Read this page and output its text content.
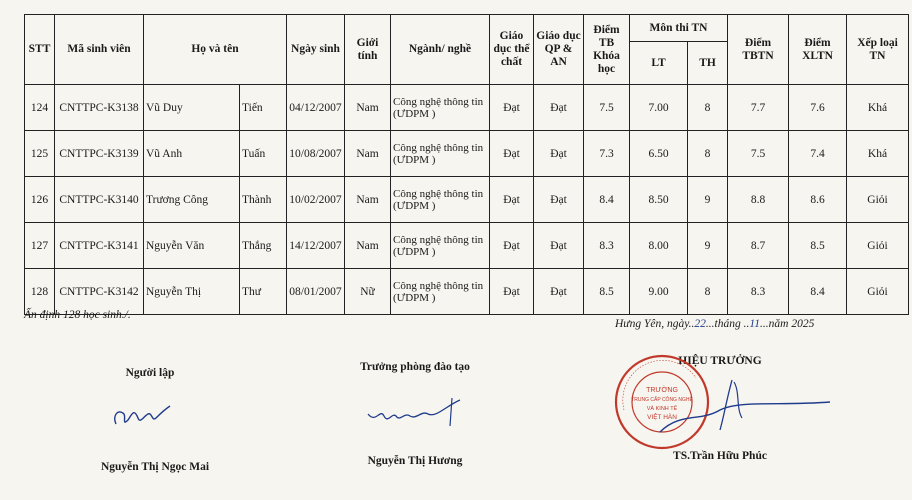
STT	Mã sinh viên	Họ và tên		Ngày sinh	Giới tính	Ngành/ nghề	Giáo dục thể chất	Giáo dục QP & AN	Điểm TB Khóa học	Môn thi TN		Điểm TBTN	Điểm XLTN	Xếp loại TN
										LT	TH			
124	CNTTPC-K3138	Vũ Duy	Tiến	04/12/2007	Nam	Công nghệ thông tin
(ƯDPM )	Đạt	Đạt	7.5	7.00	8	7.7	7.6	Khá
125	CNTTPC-K3139	Vũ Anh	Tuấn	10/08/2007	Nam	Công nghệ thông tin
(ƯDPM )	Đạt	Đạt	7.3	6.50	8	7.5	7.4	Khá
126	CNTTPC-K3140	Trương Công	Thành	10/02/2007	Nam	Công nghệ thông tin
(ƯDPM )	Đạt	Đạt	8.4	8.50	9	8.8	8.6	Giỏi
127	CNTTPC-K3141	Nguyễn Văn	Thắng	14/12/2007	Nam	Công nghệ thông tin
(ƯDPM )	Đạt	Đạt	8.3	8.00	9	8.7	8.5	Giỏi
128	CNTTPC-K3142	Nguyễn Thị	Thư	08/01/2007	Nữ	Công nghệ thông tin
(ƯDPM )	Đạt	Đạt	8.5	9.00	8	8.3	8.4	Giỏi
Ấn định 128 học sinh./.
Hưng Yên, ngày..22...tháng ..11...năm 2025
Người lập
Nguyễn Thị Ngọc Mai
Trưởng phòng đào tạo
Nguyễn Thị Hương
HIỆU TRƯỞNG
TRƯỜNG
TRUNG CẤP CÔNG NGHỆ
VÀ KINH TẾ
VIỆT HÀN
TS.Trần Hữu Phúc
